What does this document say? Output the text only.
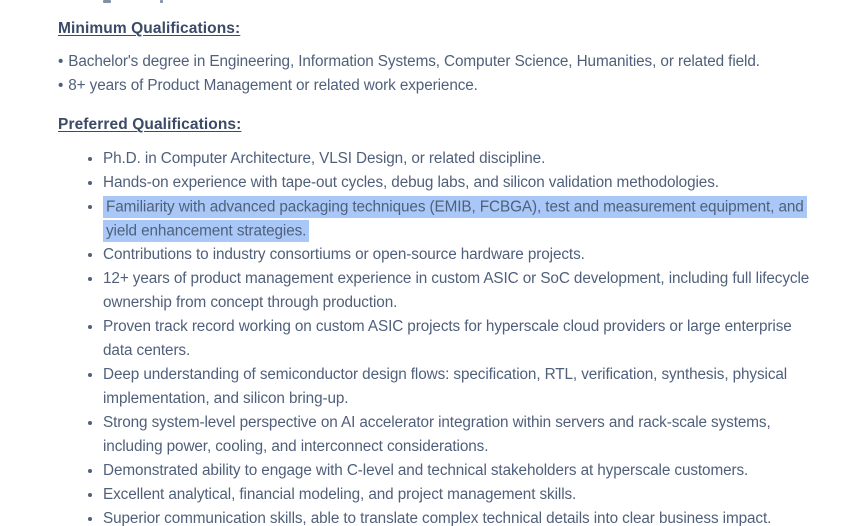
Minimum Qualifications:
• Bachelor's degree in Engineering, Information Systems, Computer Science, Humanities, or related field.
• 8+ years of Product Management or related work experience.
Preferred Qualifications:
• Ph.D. in Computer Architecture, VLSI Design, or related discipline.
• Hands-on experience with tape-out cycles, debug labs, and silicon validation methodologies.
• Familiarity with advanced packaging techniques (EMIB, FCBGA), test and measurement equipment, and yield enhancement strategies.
• Contributions to industry consortiums or open-source hardware projects.
• 12+ years of product management experience in custom ASIC or SoC development, including full lifecycle ownership from concept through production.
• Proven track record working on custom ASIC projects for hyperscale cloud providers or large enterprise data centers.
• Deep understanding of semiconductor design flows: specification, RTL, verification, synthesis, physical implementation, and silicon bring-up.
• Strong system-level perspective on AI accelerator integration within servers and rack-scale systems, including power, cooling, and interconnect considerations.
• Demonstrated ability to engage with C-level and technical stakeholders at hyperscale customers.
• Excellent analytical, financial modeling, and project management skills.
• Superior communication skills, able to translate complex technical details into clear business impact.
